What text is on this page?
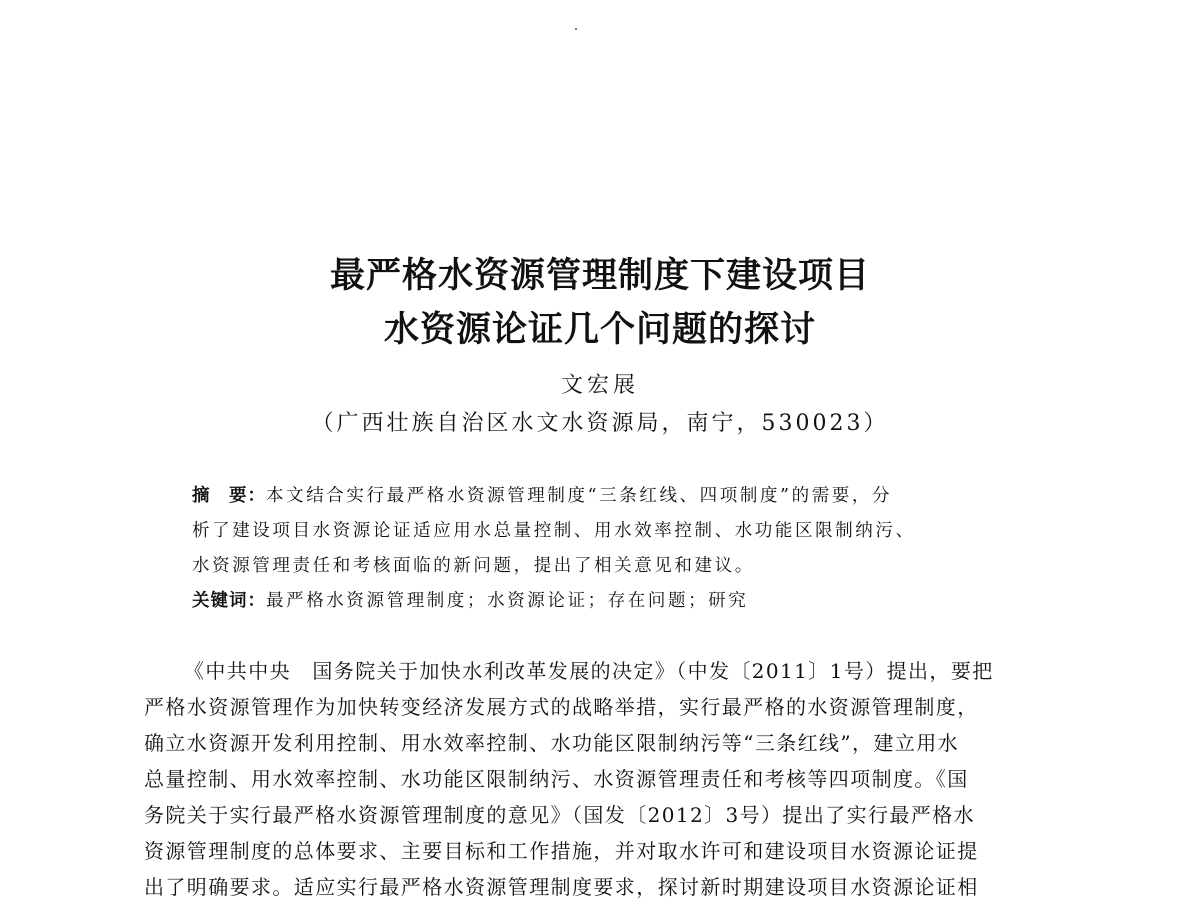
最严格水资源管理制度下建设项目
水资源论证几个问题的探讨
文宏展
（广西壮族自治区水文水资源局，南宁，530023）
摘　要：本文结合实行最严格水资源管理制度“三条红线、四项制度”的需要，分
析了建设项目水资源论证适应用水总量控制、用水效率控制、水功能区限制纳污、
水资源管理责任和考核面临的新问题，提出了相关意见和建议。
关键词：最严格水资源管理制度；水资源论证；存在问题；研究
《中共中央　国务院关于加快水利改革发展的决定》（中发〔2011〕1号）提出，要把
严格水资源管理作为加快转变经济发展方式的战略举措，实行最严格的水资源管理制度，
确立水资源开发利用控制、用水效率控制、水功能区限制纳污等“三条红线”，建立用水
总量控制、用水效率控制、水功能区限制纳污、水资源管理责任和考核等四项制度。《国
务院关于实行最严格水资源管理制度的意见》（国发〔2012〕3号）提出了实行最严格水
资源管理制度的总体要求、主要目标和工作措施，并对取水许可和建设项目水资源论证提
出了明确要求。适应实行最严格水资源管理制度要求，探讨新时期建设项目水资源论证相
